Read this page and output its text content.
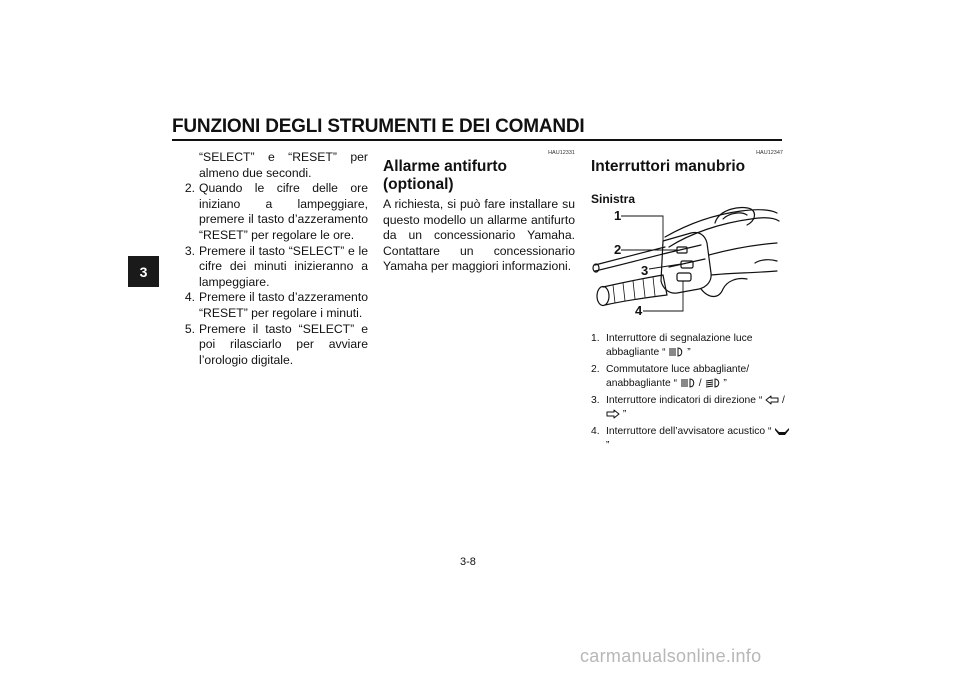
FUNZIONI DEGLI STRUMENTI E DEI COMANDI
3
“SELECT” e “RESET” per almeno due secondi.
2. Quando le cifre delle ore iniziano a lampeggiare, premere il tasto d’azzeramento “RESET” per regolare le ore.
3. Premere il tasto “SELECT” e le cifre dei minuti inizieranno a lampeggiare.
4. Premere il tasto d’azzeramento “RESET” per regolare i minuti.
5. Premere il tasto “SELECT” e poi rilasciarlo per avviare l’orologio digitale.
HAU12331
Allarme antifurto (optional)

A richiesta, si può fare installare su questo modello un allarme antifurto da un concessionario Yamaha. Contattare un concessionario Yamaha per maggiori informazioni.

HAU12347
Interruttori manubrio
Sinistra
1
2
3
4
1. Interruttore di segnalazione luce abbagliante “ ”
2. Commutatore luce abbagliante/ anabbagliante “ / ”
3. Interruttore indicatori di direzione “ /  ”
4. Interruttore dell’avvisatore acustico “  ”
3-8
carmanualsonline.info
